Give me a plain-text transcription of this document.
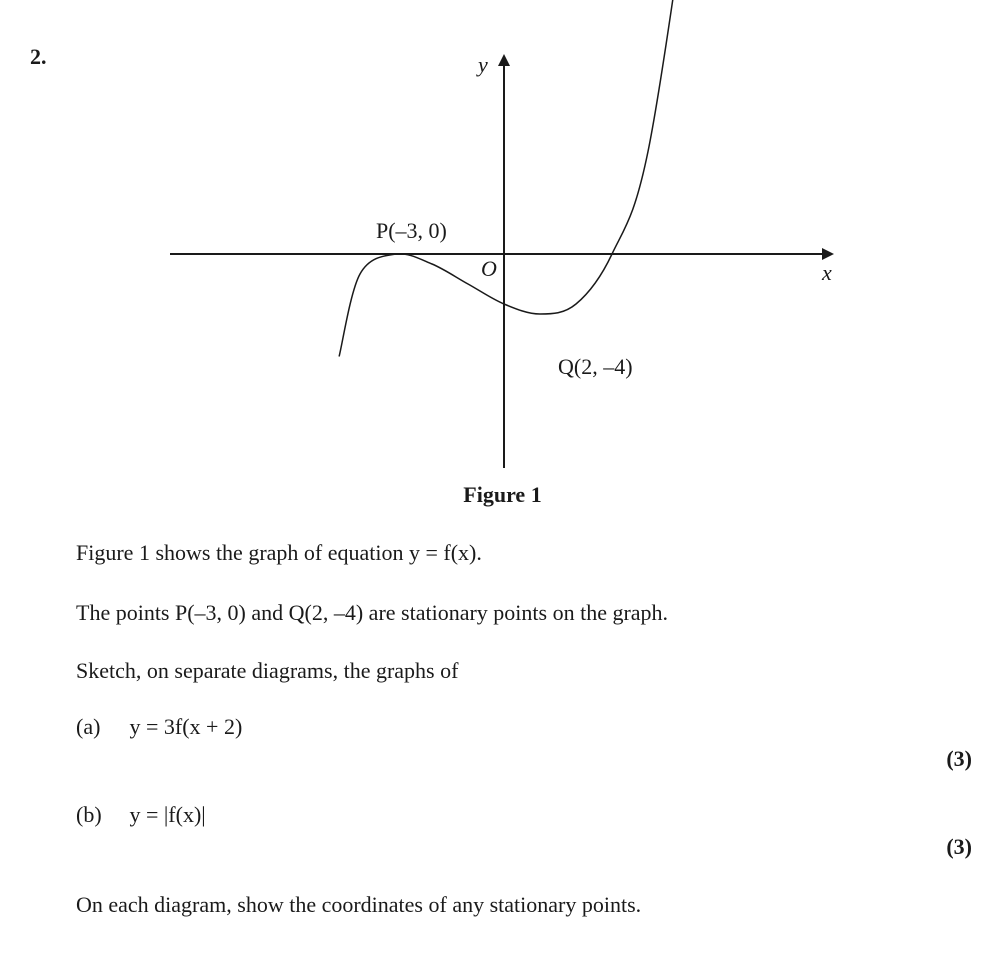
2.	y
x
O
P(–3, 0)
Q(2, –4)
Figure 1
Figure 1 shows the graph of equation y = f(x).
The points P(–3, 0) and Q(2, –4) are stationary points on the graph.
Sketch, on separate diagrams, the graphs of
(a) y = 3f(x + 2)
(3)
(b) y = |f(x)|
(3)
On each diagram, show the coordinates of any stationary points.
